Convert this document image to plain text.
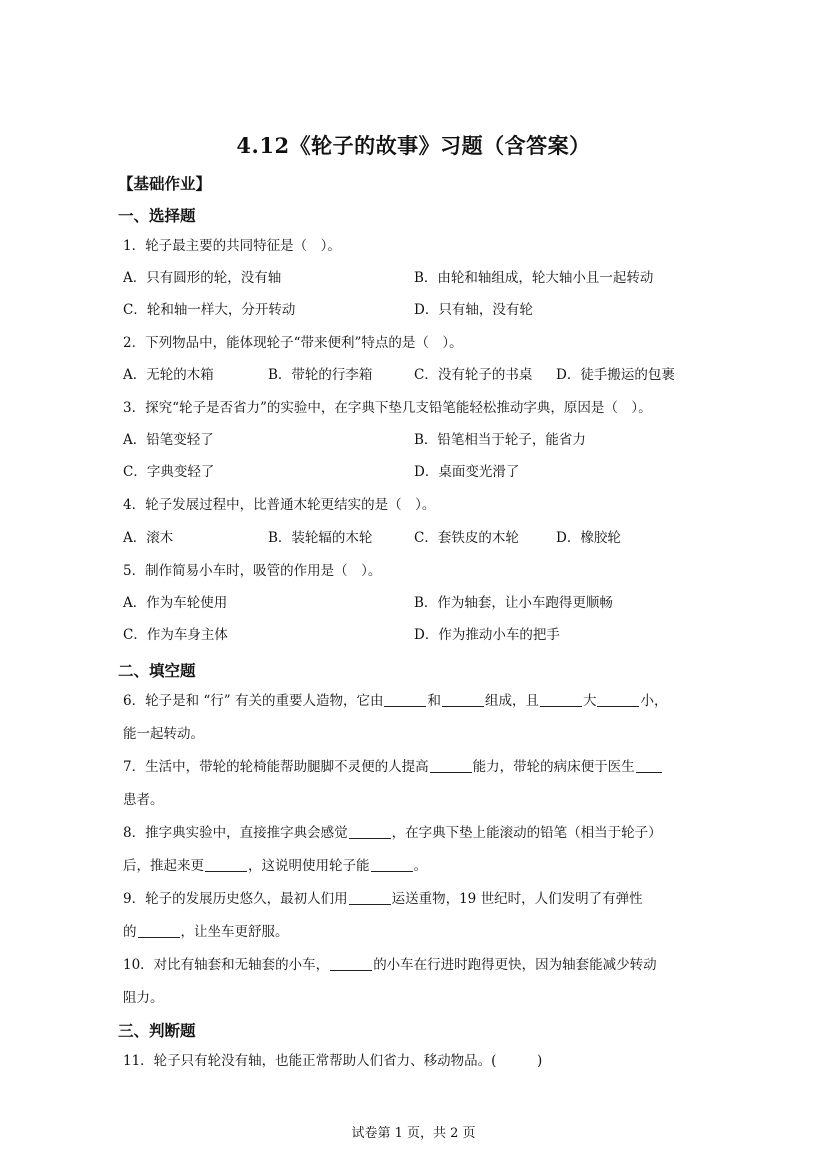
4.12《轮子的故事》习题（含答案）
【基础作业】
一、选择题
1．轮子最主要的共同特征是（　）。
A．只有圆形的轮，没有轴	B．由轮和轴组成，轮大轴小且一起转动
C．轮和轴一样大，分开转动	D．只有轴，没有轮
2．下列物品中，能体现轮子“带来便利”特点的是（　）。
A．无轮的木箱	B．带轮的行李箱	C．没有轮子的书桌 D．徒手搬运的包裹
3．探究“轮子是否省力”的实验中，在字典下垫几支铅笔能轻松推动字典，原因是（　）。
A．铅笔变轻了	B．铅笔相当于轮子，能省力
C．字典变轻了	D．桌面变光滑了
4．轮子发展过程中，比普通木轮更结实的是（　）。
A．滚木	B．装轮辐的木轮	C．套铁皮的木轮	D．橡胶轮
5．制作简易小车时，吸管的作用是（　）。
A．作为车轮使用	B．作为轴套，让小车跑得更顺畅
C．作为车身主体	D．作为推动小车的把手
二、填空题
6．轮子是和 “行” 有关的重要人造物，它由	和	组成，且	大	小，
能一起转动。
7．生活中，带轮的轮椅能帮助腿脚不灵便的人提高	能力，带轮的病床便于医生
患者。
8．推字典实验中，直接推字典会感觉	，在字典下垫上能滚动的铅笔（相当于轮子）
后，推起来更	，这说明使用轮子能	。
9．轮子的发展历史悠久，最初人们用	运送重物，19 世纪时，人们发明了有弹性
的	，让坐车更舒服。
10．对比有轴套和无轴套的小车，	的小车在行进时跑得更快，因为轴套能减少转动
阻力。
三、判断题
11．轮子只有轮没有轴，也能正常帮助人们省力、移动物品。(　　　)
试卷第 1 页，共 2 页
